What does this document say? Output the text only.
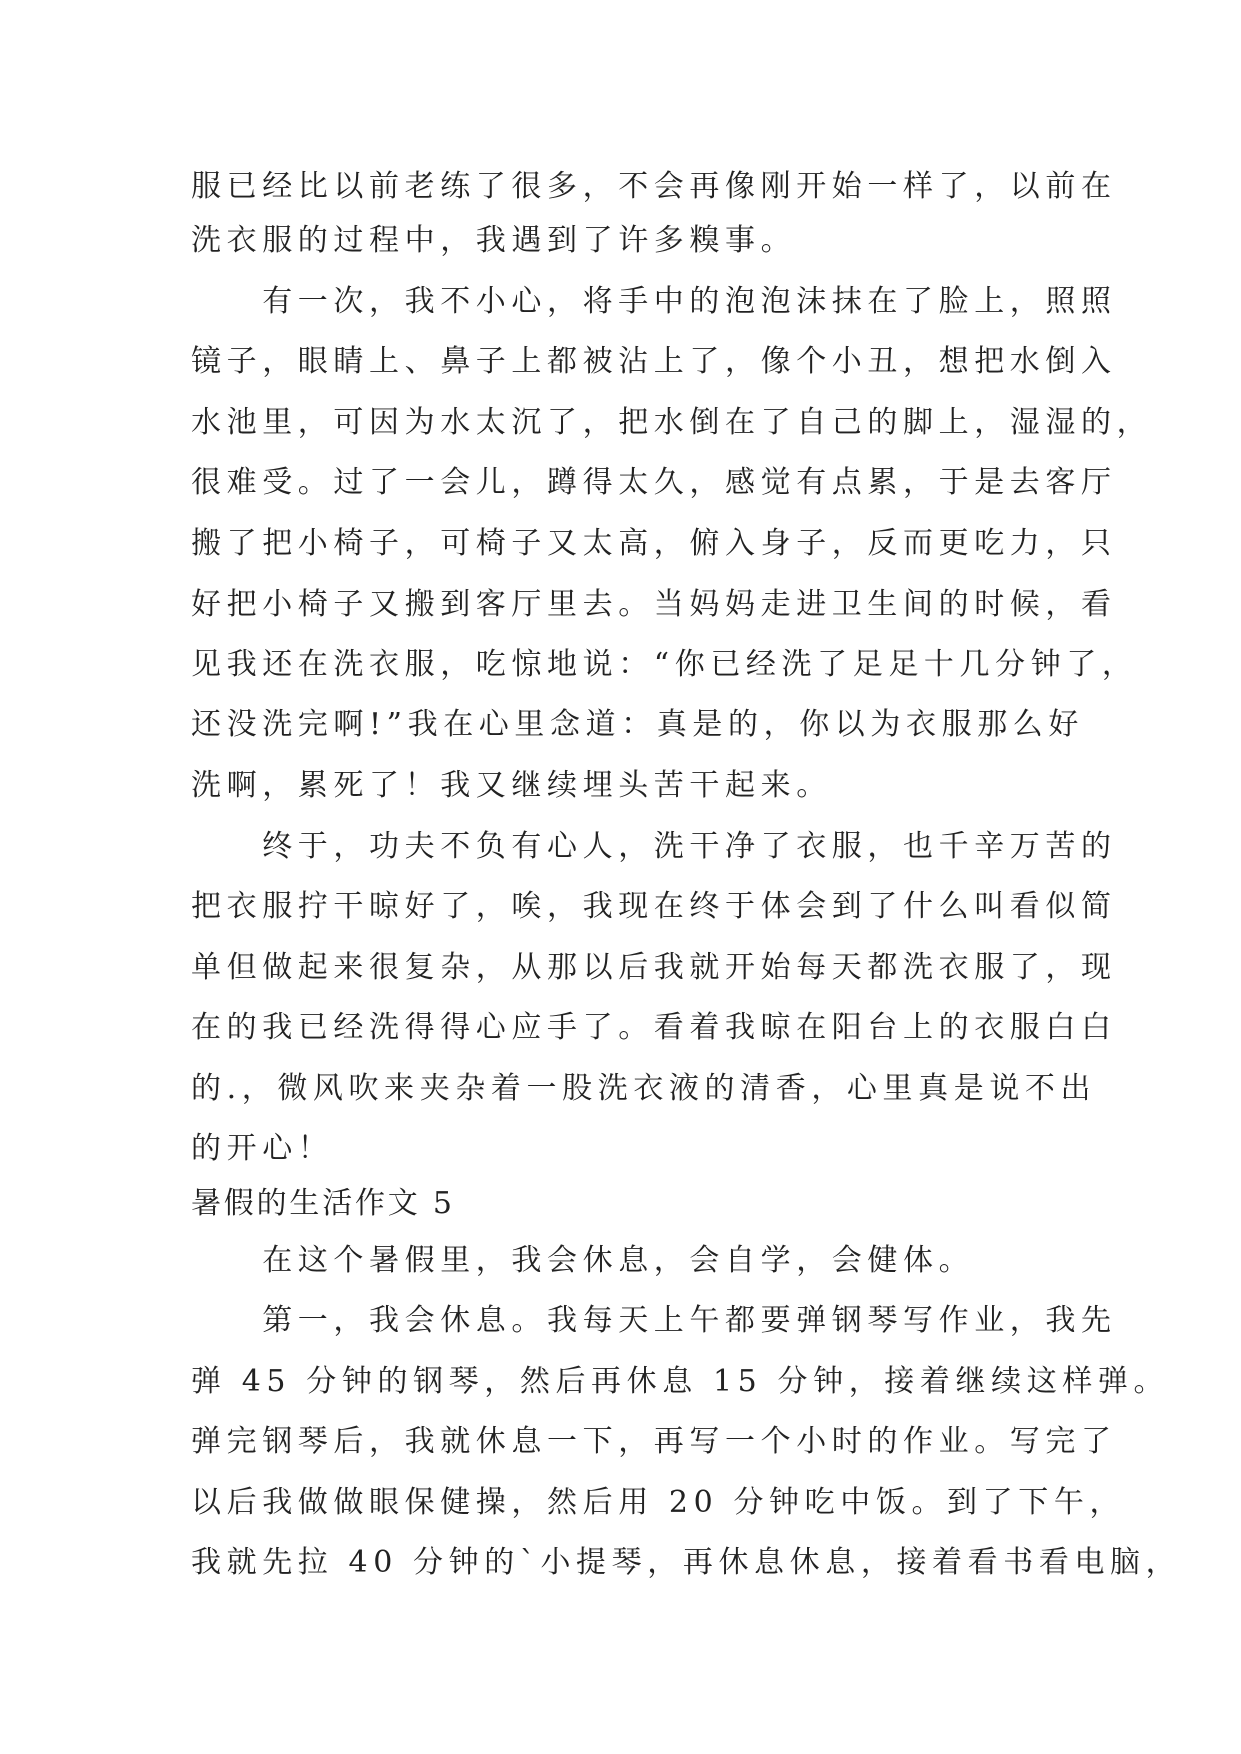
服已经比以前老练了很多，不会再像刚开始一样了，以前在
洗衣服的过程中，我遇到了许多糗事。
　　有一次，我不小心，将手中的泡泡沫抹在了脸上，照照
镜子，眼睛上、鼻子上都被沾上了，像个小丑，想把水倒入
水池里，可因为水太沉了，把水倒在了自己的脚上，湿湿的，
很难受。过了一会儿，蹲得太久，感觉有点累，于是去客厅
搬了把小椅子，可椅子又太高，俯入身子，反而更吃力，只
好把小椅子又搬到客厅里去。当妈妈走进卫生间的时候，看
见我还在洗衣服，吃惊地说：“你已经洗了足足十几分钟了，
还没洗完啊!”我在心里念道：真是的，你以为衣服那么好
洗啊，累死了！我又继续埋头苦干起来。
　　终于，功夫不负有心人，洗干净了衣服，也千辛万苦的
把衣服拧干晾好了，唉，我现在终于体会到了什么叫看似简
单但做起来很复杂，从那以后我就开始每天都洗衣服了，现
在的我已经洗得得心应手了。看着我晾在阳台上的衣服白白
的.，微风吹来夹杂着一股洗衣液的清香，心里真是说不出
的开心！
暑假的生活作文 5
　　在这个暑假里，我会休息，会自学，会健体。
　　第一，我会休息。我每天上午都要弹钢琴写作业，我先
弹 45 分钟的钢琴，然后再休息 15 分钟，接着继续这样弹。
弹完钢琴后，我就休息一下，再写一个小时的作业。写完了
以后我做做眼保健操，然后用 20 分钟吃中饭。到了下午，
我就先拉 40 分钟的`小提琴，再休息休息，接着看书看电脑，
